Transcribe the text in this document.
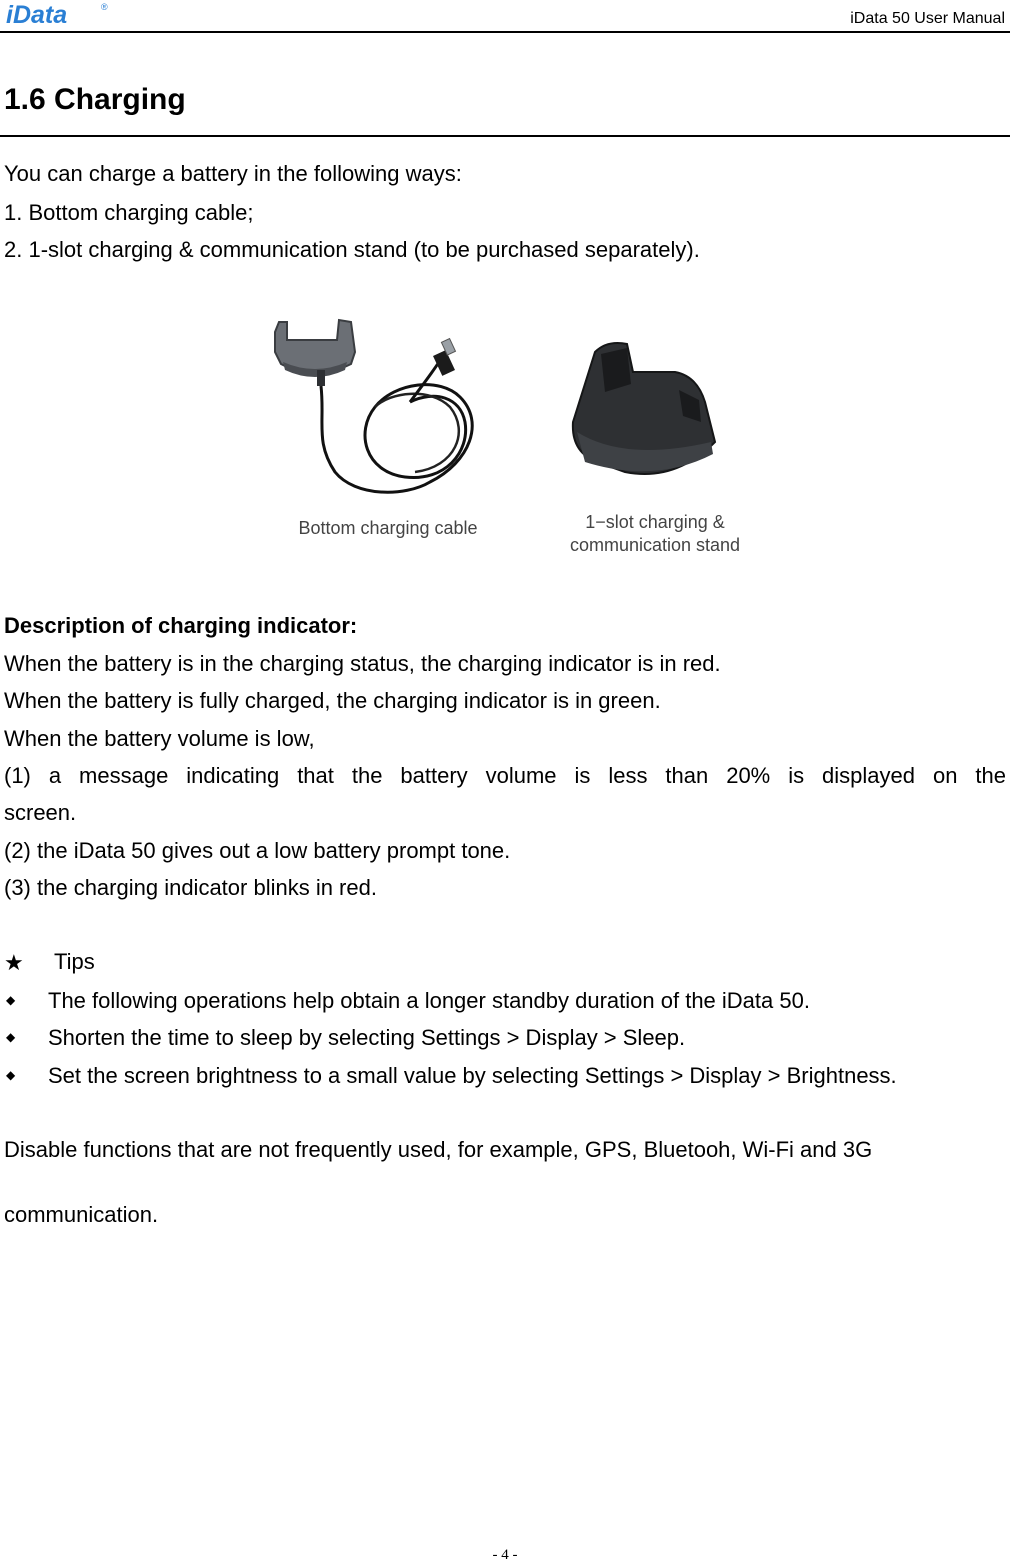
iData	®
iData 50 User Manual
1.6 Charging
You can charge a battery in the following ways:
1. Bottom charging cable;
2. 1-slot charging & communication stand (to be purchased separately).
Bottom charging cable	1−slot charging &
communication stand
Description of charging indicator:
When the battery is in the charging status, the charging indicator is in red.
When the battery is fully charged, the charging indicator is in green.
When the battery volume is low,
(1) a message indicating that the battery volume is less than 20% is displayed on the
screen.
(2) the iData 50 gives out a low battery prompt tone.
(3) the charging indicator blinks in red.
★ Tips
◆ The following operations help obtain a longer standby duration of the iData 50.
◆ Shorten the time to sleep by selecting Settings > Display > Sleep.
◆ Set the screen brightness to a small value by selecting Settings > Display > Brightness.
Disable functions that are not frequently used, for example, GPS, Bluetooh, Wi-Fi and 3G
communication.
- 4 -
